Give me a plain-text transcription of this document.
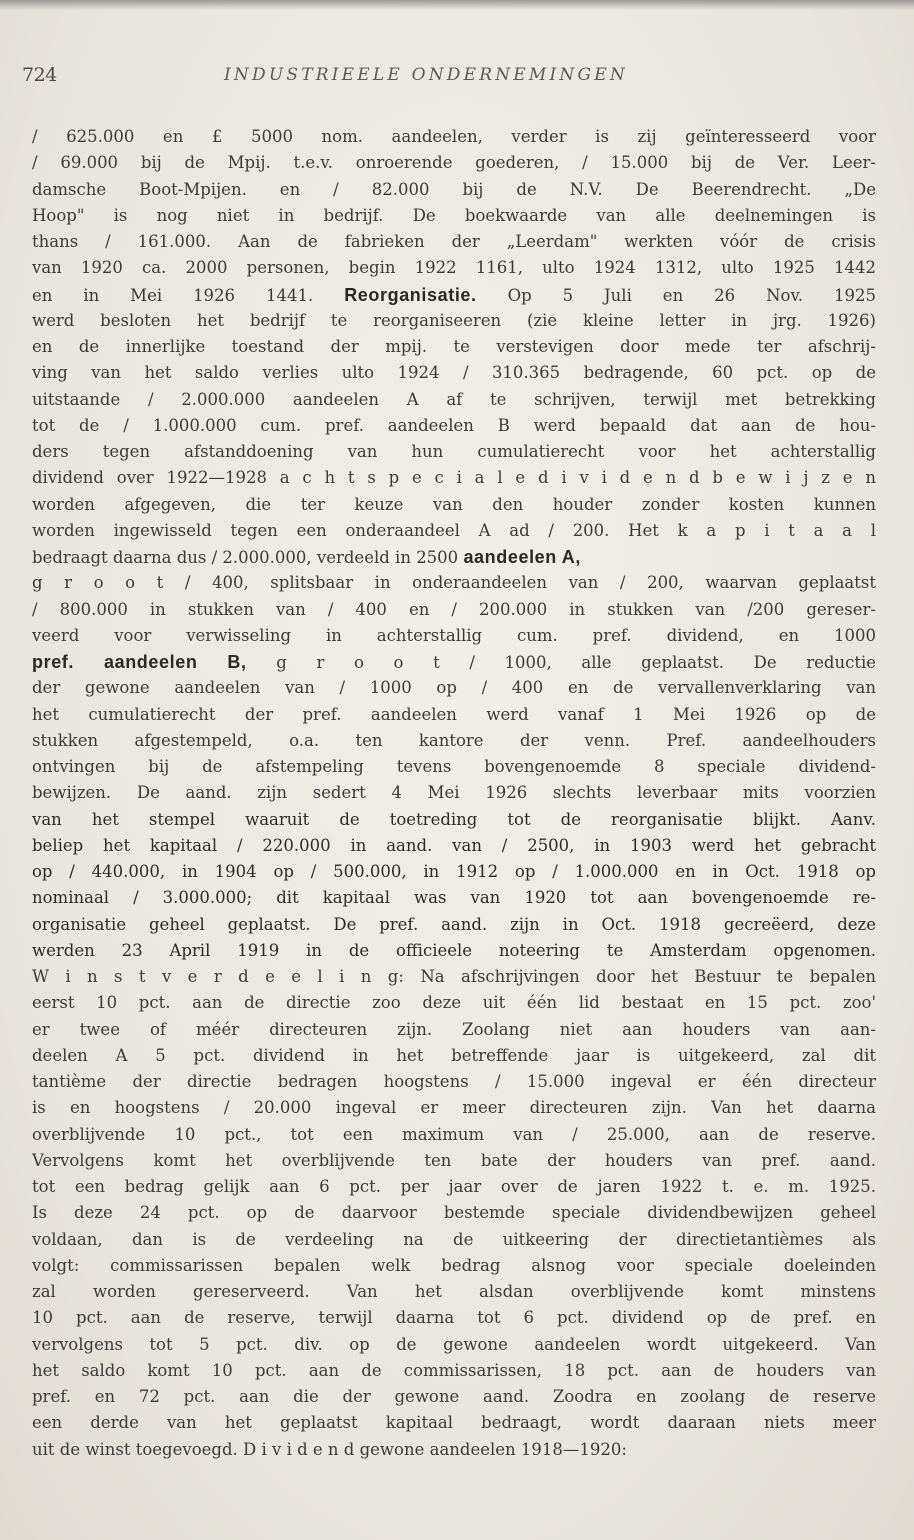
724	INDUSTRIEELE ONDERNEMINGEN
/ 625.000 en £ 5000 nom. aandeelen, verder is zij geïnteresseerd voor
/ 69.000 bij de Mpij. t.e.v. onroerende goederen, / 15.000 bij de Ver. Leer-
damsche Boot-Mpijen. en / 82.000 bij de N.V. De Beerendrecht. „De
Hoop" is nog niet in bedrijf. De boekwaarde van alle deelnemingen is
thans / 161.000. Aan de fabrieken der „Leerdam" werkten vóór de crisis
van 1920 ca. 2000 personen, begin 1922 1161, ulto 1924 1312, ulto 1925 1442
en in Mei 1926 1441. Reorganisatie. Op 5 Juli en 26 Nov. 1925
werd besloten het bedrijf te reorganiseeren (zie kleine letter in jrg. 1926)
en de innerlijke toestand der mpij. te verstevigen door mede ter afschrij-
ving van het saldo verlies ulto 1924 / 310.365 bedragende, 60 pct. op de
uitstaande / 2.000.000 aandeelen A af te schrijven, terwijl met betrekking
tot de / 1.000.000 cum. pref. aandeelen B werd bepaald dat aan de hou-
ders tegen afstanddoening van hun cumulatierecht voor het achterstallig
dividend over 1922—1928 a c h t s p e c i a l e d i v i d e n d b e w i j z e n
worden afgegeven, die ter keuze van den houder zonder kosten kunnen
worden ingewisseld tegen een onderaandeel A ad / 200. Het k a p i t a a l
bedraagt daarna dus / 2.000.000, verdeeld in 2500 aandeelen A,
g r o o t / 400, splitsbaar in onderaandeelen van / 200, waarvan geplaatst
/ 800.000 in stukken van / 400 en / 200.000 in stukken van /200 gereser-
veerd voor verwisseling in achterstallig cum. pref. dividend, en 1000
pref. aandeelen B, g r o o t / 1000, alle geplaatst. De reductie
der gewone aandeelen van / 1000 op / 400 en de vervallenverklaring van
het cumulatierecht der pref. aandeelen werd vanaf 1 Mei 1926 op de
stukken afgestempeld, o.a. ten kantore der venn. Pref. aandeelhouders
ontvingen bij de afstempeling tevens bovengenoemde 8 speciale dividend-
bewijzen. De aand. zijn sedert 4 Mei 1926 slechts leverbaar mits voorzien
van het stempel waaruit de toetreding tot de reorganisatie blijkt. Aanv.
beliep het kapitaal / 220.000 in aand. van / 2500, in 1903 werd het gebracht
op / 440.000, in 1904 op / 500.000, in 1912 op / 1.000.000 en in Oct. 1918 op
nominaal / 3.000.000; dit kapitaal was van 1920 tot aan bovengenoemde re-
organisatie geheel geplaatst. De pref. aand. zijn in Oct. 1918 gecreëerd, deze
werden 23 April 1919 in de officieele noteering te Amsterdam opgenomen.
W i n s t v e r d e e l i n g: Na afschrijvingen door het Bestuur te bepalen
eerst 10 pct. aan de directie zoo deze uit één lid bestaat en 15 pct. zoo'
er twee of méér directeuren zijn. Zoolang niet aan houders van aan-
deelen A 5 pct. dividend in het betreffende jaar is uitgekeerd, zal dit
tantième der directie bedragen hoogstens / 15.000 ingeval er één directeur
is en hoogstens / 20.000 ingeval er meer directeuren zijn. Van het daarna
overblijvende 10 pct., tot een maximum van / 25.000, aan de reserve.
Vervolgens komt het overblijvende ten bate der houders van pref. aand.
tot een bedrag gelijk aan 6 pct. per jaar over de jaren 1922 t. e. m. 1925.
Is deze 24 pct. op de daarvoor bestemde speciale dividendbewijzen geheel
voldaan, dan is de verdeeling na de uitkeering der directietantièmes als
volgt: commissarissen bepalen welk bedrag alsnog voor speciale doeleinden
zal worden gereserveerd. Van het alsdan overblijvende komt minstens
10 pct. aan de reserve, terwijl daarna tot 6 pct. dividend op de pref. en
vervolgens tot 5 pct. div. op de gewone aandeelen wordt uitgekeerd. Van
het saldo komt 10 pct. aan de commissarissen, 18 pct. aan de houders van
pref. en 72 pct. aan die der gewone aand. Zoodra en zoolang de reserve
een derde van het geplaatst kapitaal bedraagt, wordt daaraan niets meer
uit de winst toegevoegd. D i v i d e n d gewone aandeelen 1918—1920:
